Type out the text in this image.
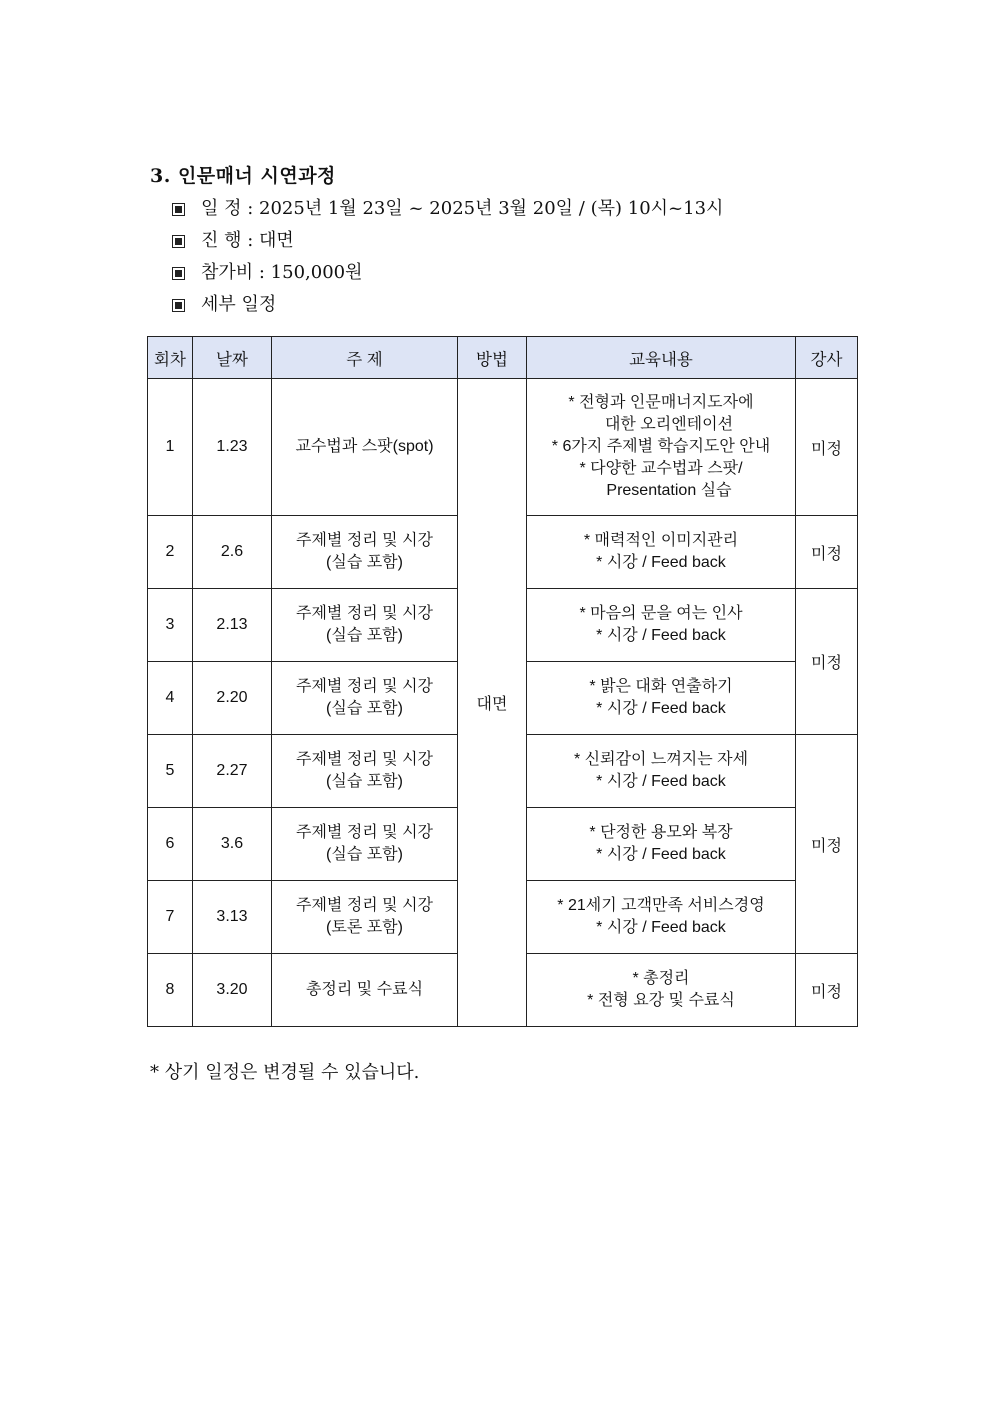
3. 인문매너 시연과정
일 정 : 2025년 1월 23일 ~ 2025년 3월 20일 / (목) 10시~13시
진 행 : 대면
참가비 : 150,000원
세부 일정
회차	날짜	주 제	방법	교육내용	강사
1	1.23	교수법과 스팟(spot)	대면	* 전형과 인문매너지도자에
대한 오리엔테이션
* 6가지 주제별 학습지도안 안내
* 다양한 교수법과 스팟/
Presentation 실습	미정
2	2.6	주제별 정리 및 시강
(실습 포함)		* 매력적인 이미지관리
* 시강 / Feed back	미정
3	2.13	주제별 정리 및 시강
(실습 포함)		* 마음의 문을 여는 인사
* 시강 / Feed back	미정
4	2.20	주제별 정리 및 시강
(실습 포함)		* 밝은 대화 연출하기
* 시강 / Feed back	

5	2.27	주제별 정리 및 시강
(실습 포함)		* 신뢰감이 느껴지는 자세
* 시강 / Feed back	미정
6	3.6	주제별 정리 및 시강
(실습 포함)		* 단정한 용모와 복장
* 시강 / Feed back	

7	3.13	주제별 정리 및 시강
(토론 포함)		* 21세기 고객만족 서비스경영
* 시강 / Feed back	

8	3.20	총정리 및 수료식		* 총정리
* 전형 요강 및 수료식	미정
* 상기 일정은 변경될 수 있습니다.
